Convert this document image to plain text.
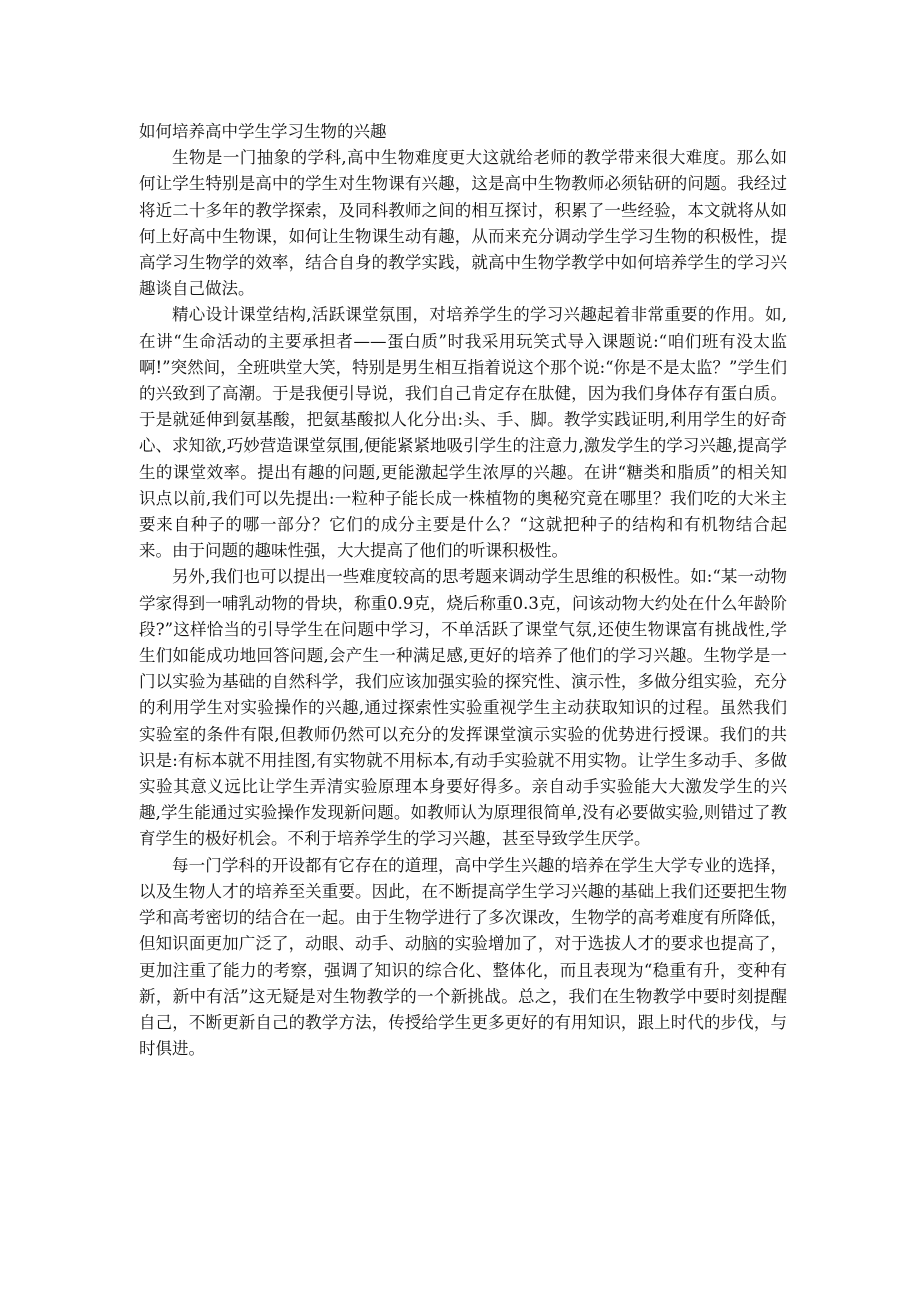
如何培养高中学生学习生物的兴趣

生物是一门抽象的学科,高中生物难度更大这就给老师的教学带来很大难度。那么如何让学生特别是高中的学生对生物课有兴趣，这是高中生物教师必须钻研的问题。我经过将近二十多年的教学探索，及同科教师之间的相互探讨，积累了一些经验，本文就将从如何上好高中生物课，如何让生物课生动有趣，从而来充分调动学生学习生物的积极性，提高学习生物学的效率，结合自身的教学实践，就高中生物学教学中如何培养学生的学习兴趣谈自己做法。

精心设计课堂结构,活跃课堂氛围，对培养学生的学习兴趣起着非常重要的作用。如,在讲“生命活动的主要承担者——蛋白质”时我采用玩笑式导入课题说:“咱们班有没太监啊!”突然间，全班哄堂大笑，特别是男生相互指着说这个那个说:“你是不是太监？”学生们的兴致到了高潮。于是我便引导说，我们自己肯定存在肽健，因为我们身体存有蛋白质。于是就延伸到氨基酸，把氨基酸拟人化分出:头、手、脚。教学实践证明,利用学生的好奇心、求知欲,巧妙营造课堂氛围,便能紧紧地吸引学生的注意力,激发学生的学习兴趣,提高学生的课堂效率。提出有趣的问题,更能激起学生浓厚的兴趣。在讲“糖类和脂质”的相关知识点以前,我们可以先提出:一粒种子能长成一株植物的奥秘究竟在哪里？我们吃的大米主要来自种子的哪一部分？它们的成分主要是什么？“这就把种子的结构和有机物结合起来。由于问题的趣味性强，大大提高了他们的听课积极性。

另外,我们也可以提出一些难度较高的思考题来调动学生思维的积极性。如:“某一动物学家得到一哺乳动物的骨块，称重0.9克，烧后称重0.3克，问该动物大约处在什么年龄阶段?”这样恰当的引导学生在问题中学习，不单活跃了课堂气氛,还使生物课富有挑战性,学生们如能成功地回答问题,会产生一种满足感,更好的培养了他们的学习兴趣。生物学是一门以实验为基础的自然科学，我们应该加强实验的探究性、演示性，多做分组实验，充分的利用学生对实验操作的兴趣,通过探索性实验重视学生主动获取知识的过程。虽然我们实验室的条件有限,但教师仍然可以充分的发挥课堂演示实验的优势进行授课。我们的共识是:有标本就不用挂图,有实物就不用标本,有动手实验就不用实物。让学生多动手、多做实验其意义远比让学生弄清实验原理本身要好得多。亲自动手实验能大大激发学生的兴趣,学生能通过实验操作发现新问题。如教师认为原理很简单,没有必要做实验,则错过了教育学生的极好机会。不利于培养学生的学习兴趣，甚至导致学生厌学。

每一门学科的开设都有它存在的道理，高中学生兴趣的培养在学生大学专业的选择，以及生物人才的培养至关重要。因此，在不断提高学生学习兴趣的基础上我们还要把生物学和高考密切的结合在一起。由于生物学进行了多次课改，生物学的高考难度有所降低，但知识面更加广泛了，动眼、动手、动脑的实验增加了，对于选拔人才的要求也提高了，更加注重了能力的考察，强调了知识的综合化、整体化，而且表现为“稳重有升，变种有新，新中有活”这无疑是对生物教学的一个新挑战。总之，我们在生物教学中要时刻提醒自己，不断更新自己的教学方法，传授给学生更多更好的有用知识，跟上时代的步伐，与时俱进。
